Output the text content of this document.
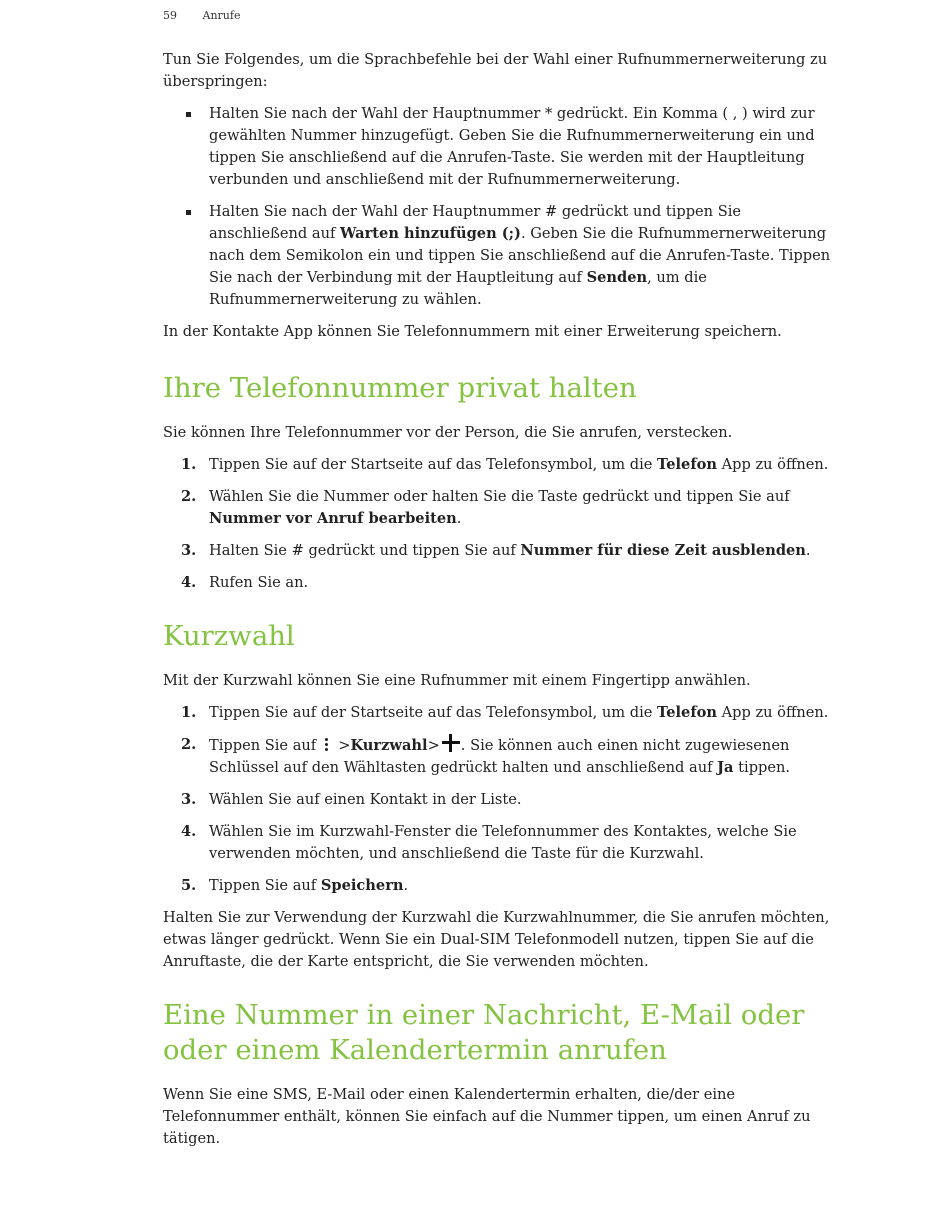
59 Anrufe

Tun Sie Folgendes, um die Sprachbefehle bei der Wahl einer Rufnummernerweiterung zu überspringen:

Halten Sie nach der Wahl der Hauptnummer * gedrückt. Ein Komma ( , ) wird zur gewählten Nummer hinzugefügt. Geben Sie die Rufnummernerweiterung ein und tippen Sie anschließend auf die Anrufen-Taste. Sie werden mit der Hauptleitung verbunden und anschließend mit der Rufnummernerweiterung.
Halten Sie nach der Wahl der Hauptnummer # gedrückt und tippen Sie anschließend auf Warten hinzufügen (;). Geben Sie die Rufnummernerweiterung nach dem Semikolon ein und tippen Sie anschließend auf die Anrufen-Taste. Tippen Sie nach der Verbindung mit der Hauptleitung auf Senden, um die Rufnummernerweiterung zu wählen.

In der Kontakte App können Sie Telefonnummern mit einer Erweiterung speichern.

Ihre Telefonnummer privat halten

Sie können Ihre Telefonnummer vor der Person, die Sie anrufen, verstecken.

1. Tippen Sie auf der Startseite auf das Telefonsymbol, um die Telefon App zu öffnen.
2. Wählen Sie die Nummer oder halten Sie die Taste gedrückt und tippen Sie auf Nummer vor Anruf bearbeiten.
3. Halten Sie # gedrückt und tippen Sie auf Nummer für diese Zeit ausblenden.
4. Rufen Sie an.
Kurzwahl

Mit der Kurzwahl können Sie eine Rufnummer mit einem Fingertipp anwählen.

1. Tippen Sie auf der Startseite auf das Telefonsymbol, um die Telefon App zu öffnen.
2. Tippen Sie auf >Kurzwahl> . Sie können auch einen nicht zugewiesenen Schlüssel auf den Wähltasten gedrückt halten und anschließend auf Ja tippen.
3. Wählen Sie auf einen Kontakt in der Liste.
4. Wählen Sie im Kurzwahl-Fenster die Telefonnummer des Kontaktes, welche Sie verwenden möchten, und anschließend die Taste für die Kurzwahl.
5. Tippen Sie auf Speichern.

Halten Sie zur Verwendung der Kurzwahl die Kurzwahlnummer, die Sie anrufen möchten, etwas länger gedrückt. Wenn Sie ein Dual-SIM Telefonmodell nutzen, tippen Sie auf die Anruftaste, die der Karte entspricht, die Sie verwenden möchten.

Eine Nummer in einer Nachricht, E-Mail oder oder einem Kalendertermin anrufen

Wenn Sie eine SMS, E-Mail oder einen Kalendertermin erhalten, die/der eine Telefonnummer enthält, können Sie einfach auf die Nummer tippen, um einen Anruf zu tätigen.
